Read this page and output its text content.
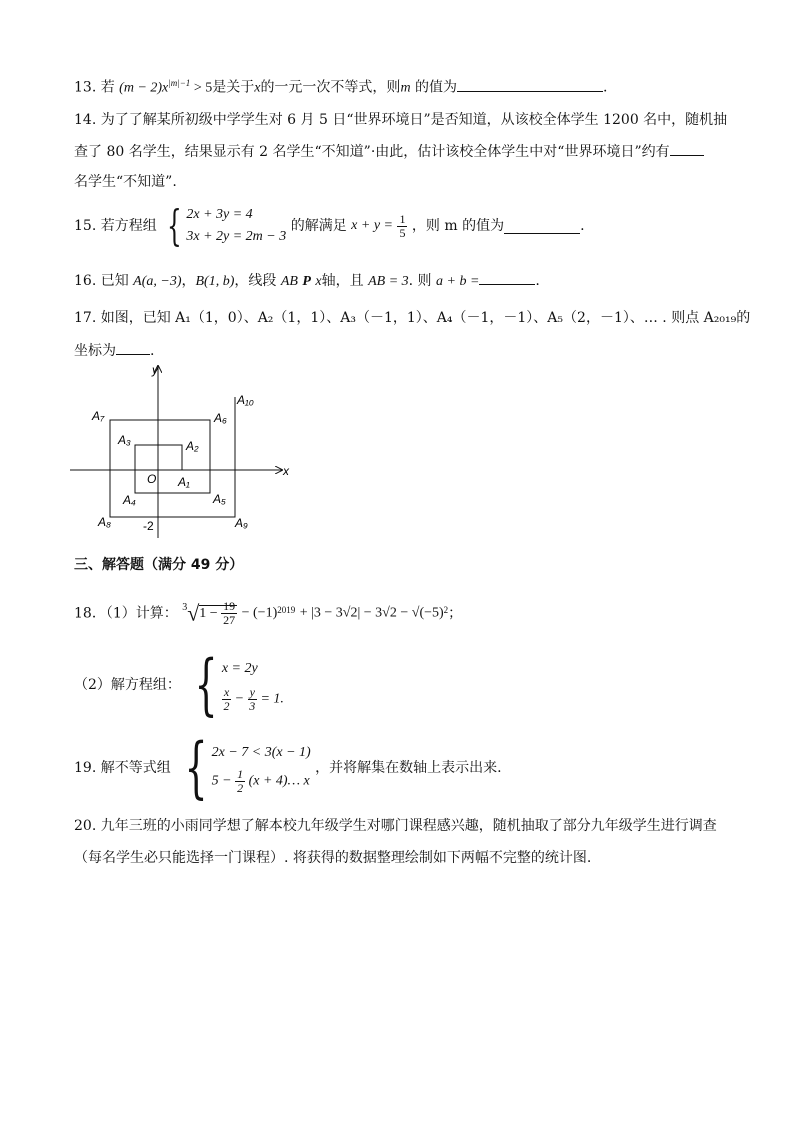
13. 若 $(m - 2)x^{|m|-1} > 5$是关于x的一元一次不等式，则m 的值为	.
14. 为了了解某所初级中学学生对 6 月 5 日“世界环境日”是否知道，从该校全体学生 1200 名中，随机抽
查了 80 名学生，结果显示有 2 名学生“不知道”·由此，估计该校全体学生中对“世界环境日”约有
名学生“不知道”.
15. 若方程组 { 2x + 3y = 4
3x + 2y = 2m − 3
的解满足 $x + y = \frac{1}{5}$ ，则 m 的值为	.
16. 已知 A(a, −3)，B(1, b)，线段 AB P x轴，且 AB = 3. 则 a + b =	.
17. 如图，已知 A₁（1，0）、A₂（1，1）、A₃（－1，1）、A₄（－1，－1）、A₅（2，－1）、… . 则点 A₂₀₁₉的
坐标为 .
y
x
O
-2
A₁
A₂
A₃
A₄	A₅
A₆
A₇
A₈	A₉
A₁₀
三、解答题（满分 49 分）
18．（1）计算： $^3√1 - \frac{19}{27} - (-1)^{2019} + |3 - 3√2| - 3√2 - √(-5)^2$；
（2）解方程组： { x = 2y
$\frac{x}{2} - \frac{y}{3} = 1$.
19. 解不等式组 { 2x − 7 < 3(x − 1)
$5 - \frac{1}{2} (x$ + 4)… x
，并将解集在数轴上表示出来.
20. 九年三班的小雨同学想了解本校九年级学生对哪门课程感兴趣，随机抽取了部分九年级学生进行调查
（每名学生必只能选择一门课程）. 将获得的数据整理绘制如下两幅不完整的统计图.
